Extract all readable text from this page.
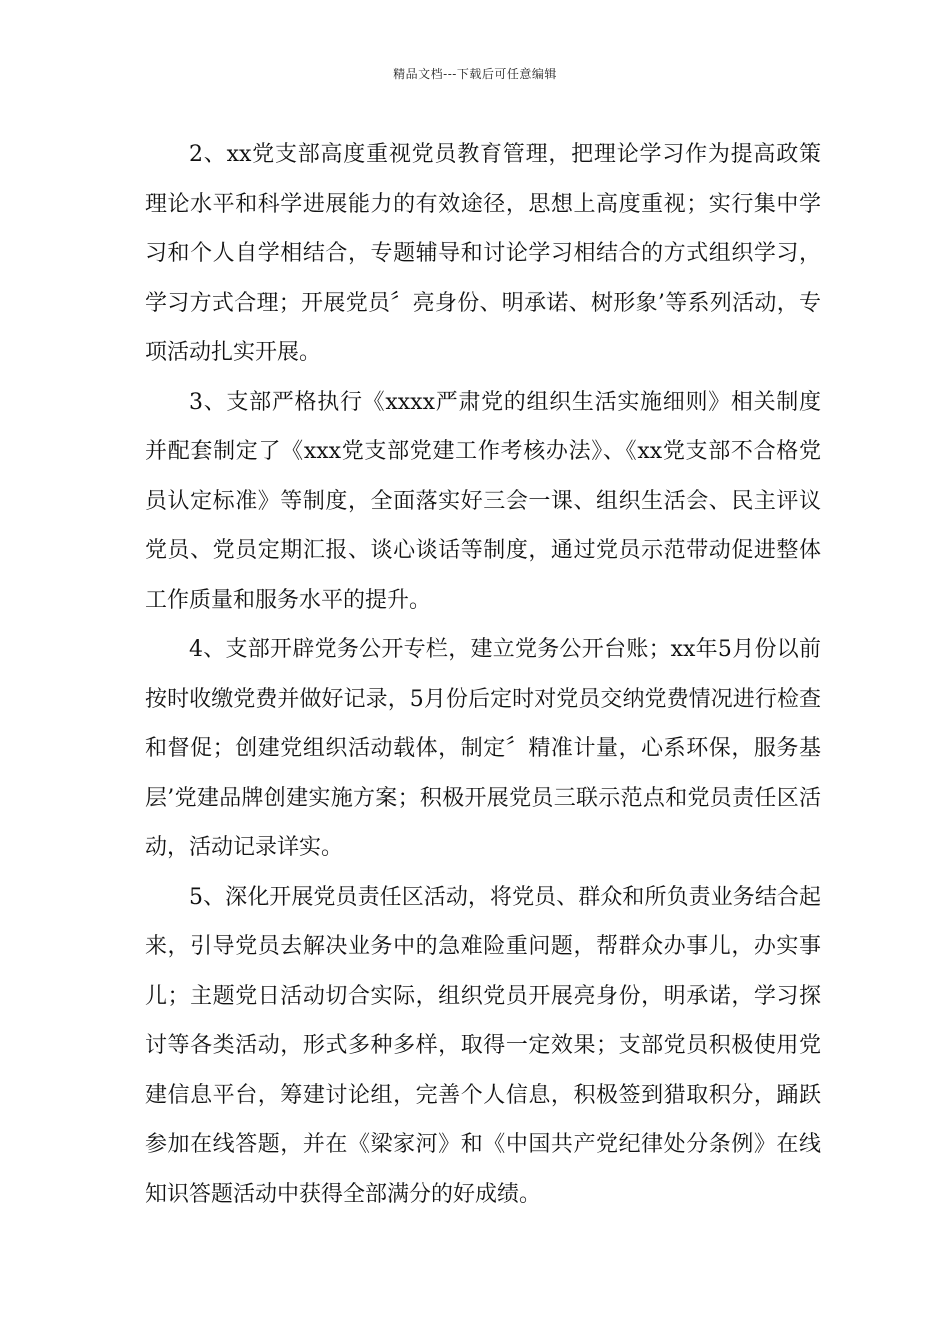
精品文档---下载后可任意编辑

2、xx党支部高度重视党员教育管理，把理论学习作为提高政策理论水平和科学进展能力的有效途径，思想上高度重视；实行集中学习和个人自学相结合，专题辅导和讨论学习相结合的方式组织学习，学习方式合理；开展党员〞亮身份、明承诺、树形象’等系列活动，专项活动扎实开展。

3、支部严格执行《xxxx严肃党的组织生活实施细则》相关制度并配套制定了《xxx党支部党建工作考核办法》、《xx党支部不合格党员认定标准》等制度，全面落实好三会一课、组织生活会、民主评议党员、党员定期汇报、谈心谈话等制度，通过党员示范带动促进整体工作质量和服务水平的提升。

4、支部开辟党务公开专栏，建立党务公开台账；xx年5月份以前按时收缴党费并做好记录，5月份后定时对党员交纳党费情况进行检查和督促；创建党组织活动载体，制定〞精准计量，心系环保，服务基层’党建品牌创建实施方案；积极开展党员三联示范点和党员责任区活动，活动记录详实。

5、深化开展党员责任区活动，将党员、群众和所负责业务结合起来，引导党员去解决业务中的急难险重问题，帮群众办事儿，办实事儿；主题党日活动切合实际，组织党员开展亮身份，明承诺，学习探讨等各类活动，形式多种多样，取得一定效果；支部党员积极使用党建信息平台，筹建讨论组，完善个人信息，积极签到猎取积分，踊跃参加在线答题，并在《梁家河》和《中国共产党纪律处分条例》在线知识答题活动中获得全部满分的好成绩。
